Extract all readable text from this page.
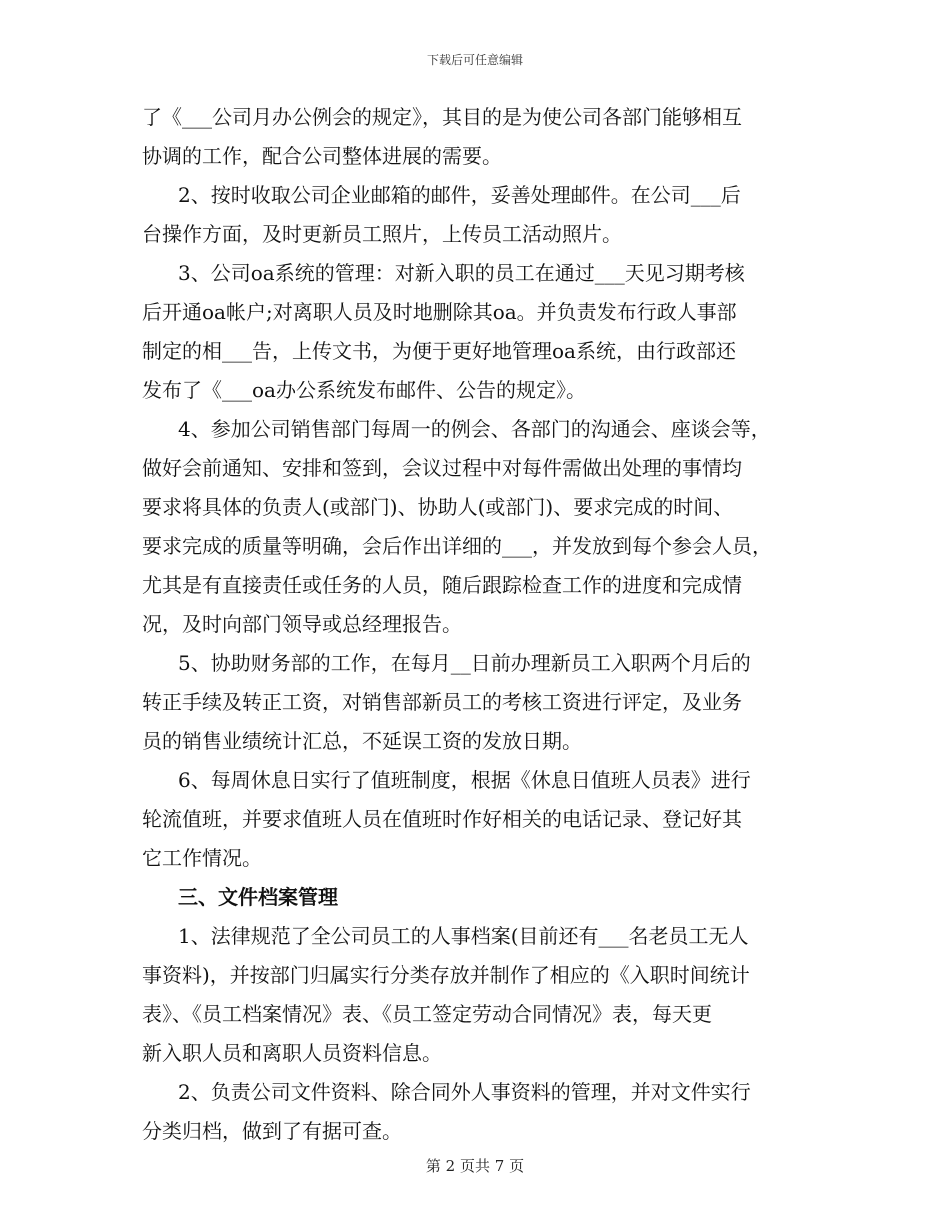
下载后可任意编辑
了《___公司月办公例会的规定》，其目的是为使公司各部门能够相互
协调的工作，配合公司整体进展的需要。
2、按时收取公司企业邮箱的邮件，妥善处理邮件。在公司___后
台操作方面，及时更新员工照片，上传员工活动照片。
3、公司oa系统的管理：对新入职的员工在通过___天见习期考核
后开通oa帐户;对离职人员及时地删除其oa。并负责发布行政人事部
制定的相___告，上传文书，为便于更好地管理oa系统，由行政部还
发布了《___oa办公系统发布邮件、公告的规定》。
4、参加公司销售部门每周一的例会、各部门的沟通会、座谈会等，
做好会前通知、安排和签到，会议过程中对每件需做出处理的事情均
要求将具体的负责人(或部门)、协助人(或部门)、要求完成的时间、
要求完成的质量等明确，会后作出详细的___，并发放到每个参会人员，
尤其是有直接责任或任务的人员，随后跟踪检查工作的进度和完成情
况，及时向部门领导或总经理报告。
5、协助财务部的工作，在每月__日前办理新员工入职两个月后的
转正手续及转正工资，对销售部新员工的考核工资进行评定，及业务
员的销售业绩统计汇总，不延误工资的发放日期。
6、每周休息日实行了值班制度，根据《休息日值班人员表》进行
轮流值班，并要求值班人员在值班时作好相关的电话记录、登记好其
它工作情况。
三、文件档案管理
1、法律规范了全公司员工的人事档案(目前还有___名老员工无人
事资料)，并按部门归属实行分类存放并制作了相应的《入职时间统计
表》、《员工档案情况》表、《员工签定劳动合同情况》表，每天更
新入职人员和离职人员资料信息。
2、负责公司文件资料、除合同外人事资料的管理，并对文件实行
分类归档，做到了有据可查。
第 2 页共 7 页
